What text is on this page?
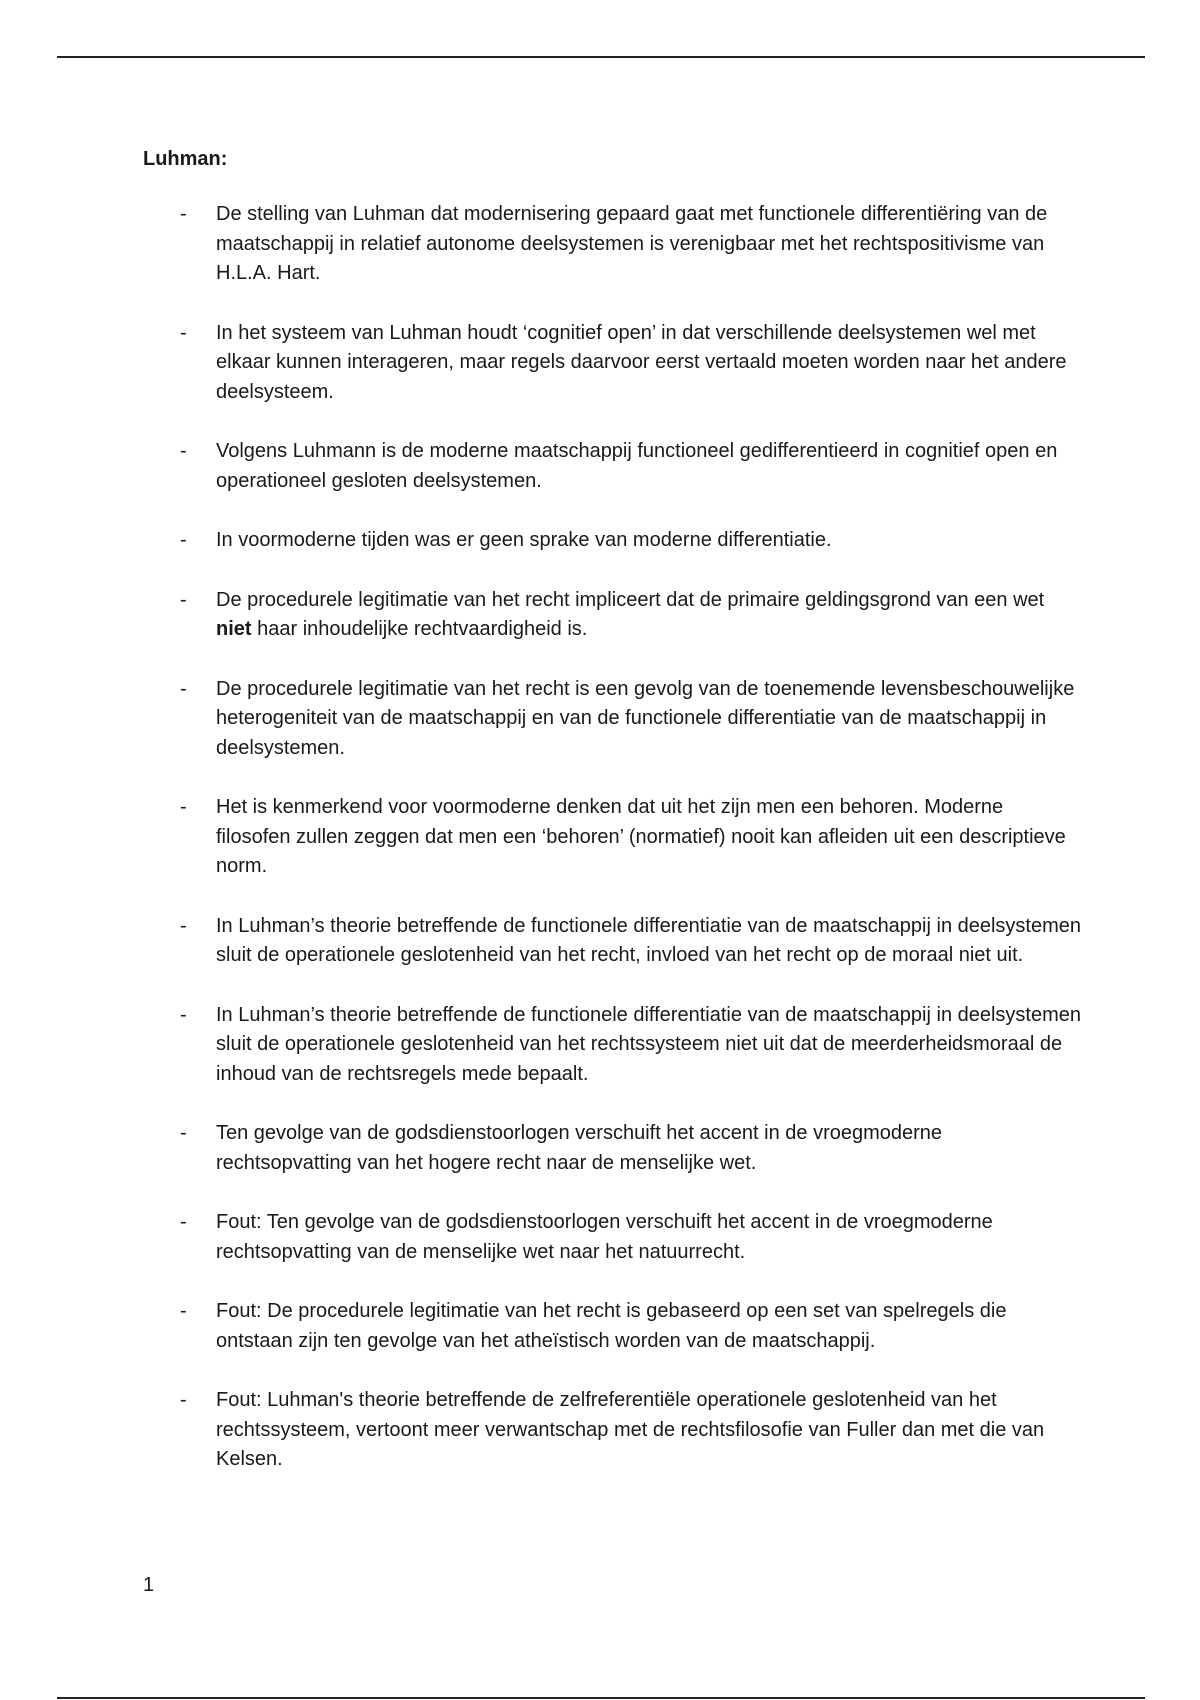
Luhman:
- De stelling van Luhman dat modernisering gepaard gaat met functionele differentiëring van de maatschappij in relatief autonome deelsystemen is verenigbaar met het rechtspositivisme van H.L.A. Hart.
- In het systeem van Luhman houdt ‘cognitief open’ in dat verschillende deelsystemen wel met elkaar kunnen interageren, maar regels daarvoor eerst vertaald moeten worden naar het andere deelsysteem.
- Volgens Luhmann is de moderne maatschappij functioneel gedifferentieerd in cognitief open en operationeel gesloten deelsystemen.
- In voormoderne tijden was er geen sprake van moderne differentiatie.
- De procedurele legitimatie van het recht impliceert dat de primaire geldingsgrond van een wet niet haar inhoudelijke rechtvaardigheid is.
- De procedurele legitimatie van het recht is een gevolg van de toenemende levensbeschouwelijke heterogeniteit van de maatschappij en van de functionele differentiatie van de maatschappij in deelsystemen.
- Het is kenmerkend voor voormoderne denken dat uit het zijn men een behoren. Moderne filosofen zullen zeggen dat men een ‘behoren’ (normatief) nooit kan afleiden uit een descriptieve norm.
- In Luhman’s theorie betreffende de functionele differentiatie van de maatschappij in deelsystemen sluit de operationele geslotenheid van het recht, invloed van het recht op de moraal niet uit.
- In Luhman’s theorie betreffende de functionele differentiatie van de maatschappij in deelsystemen sluit de operationele geslotenheid van het rechtssysteem niet uit dat de meerderheidsmoraal de inhoud van de rechtsregels mede bepaalt.
- Ten gevolge van de godsdienstoorlogen verschuift het accent in de vroegmoderne rechtsopvatting van het hogere recht naar de menselijke wet.
- Fout: Ten gevolge van de godsdienstoorlogen verschuift het accent in de vroegmoderne rechtsopvatting van de menselijke wet naar het natuurrecht.
- Fout: De procedurele legitimatie van het recht is gebaseerd op een set van spelregels die ontstaan zijn ten gevolge van het atheïstisch worden van de maatschappij.
- Fout: Luhman's theorie betreffende de zelfreferentiële operationele geslotenheid van het rechtssysteem, vertoont meer verwantschap met de rechtsfilosofie van Fuller dan met die van Kelsen.
1
